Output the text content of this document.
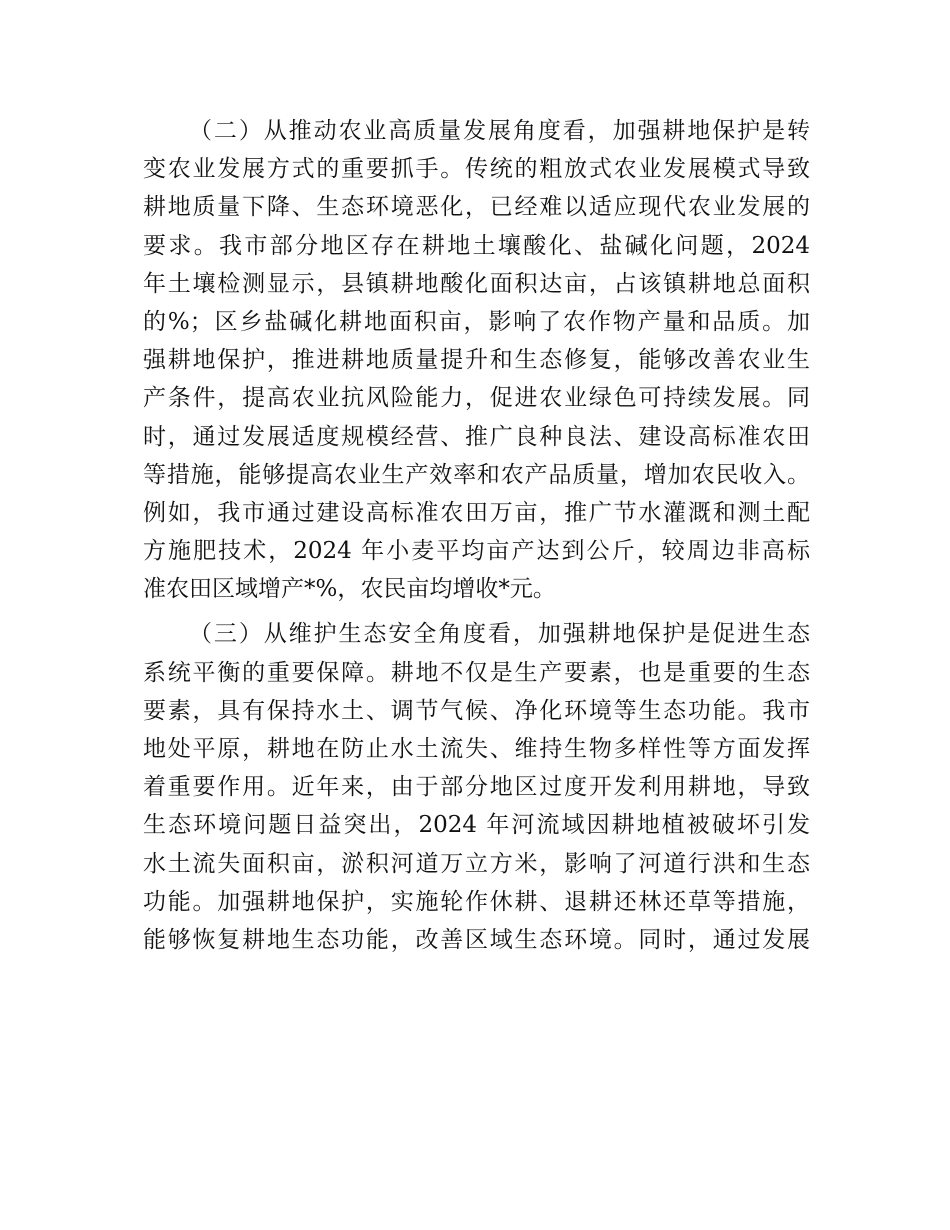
（二）从推动农业高质量发展角度看，加强耕地保护是转
变农业发展方式的重要抓手。传统的粗放式农业发展模式导致
耕地质量下降、生态环境恶化，已经难以适应现代农业发展的
要求。我市部分地区存在耕地土壤酸化、盐碱化问题，2024
年土壤检测显示，县镇耕地酸化面积达亩，占该镇耕地总面积
的%；区乡盐碱化耕地面积亩，影响了农作物产量和品质。加
强耕地保护，推进耕地质量提升和生态修复，能够改善农业生
产条件，提高农业抗风险能力，促进农业绿色可持续发展。同
时，通过发展适度规模经营、推广良种良法、建设高标准农田
等措施，能够提高农业生产效率和农产品质量，增加农民收入。
例如，我市通过建设高标准农田万亩，推广节水灌溉和测土配
方施肥技术，2024 年小麦平均亩产达到公斤，较周边非高标
准农田区域增产*%，农民亩均增收*元。
（三）从维护生态安全角度看，加强耕地保护是促进生态
系统平衡的重要保障。耕地不仅是生产要素，也是重要的生态
要素，具有保持水土、调节气候、净化环境等生态功能。我市
地处平原，耕地在防止水土流失、维持生物多样性等方面发挥
着重要作用。近年来，由于部分地区过度开发利用耕地，导致
生态环境问题日益突出，2024 年河流域因耕地植被破坏引发
水土流失面积亩，淤积河道万立方米，影响了河道行洪和生态
功能。加强耕地保护，实施轮作休耕、退耕还林还草等措施，
能够恢复耕地生态功能，改善区域生态环境。同时，通过发展
